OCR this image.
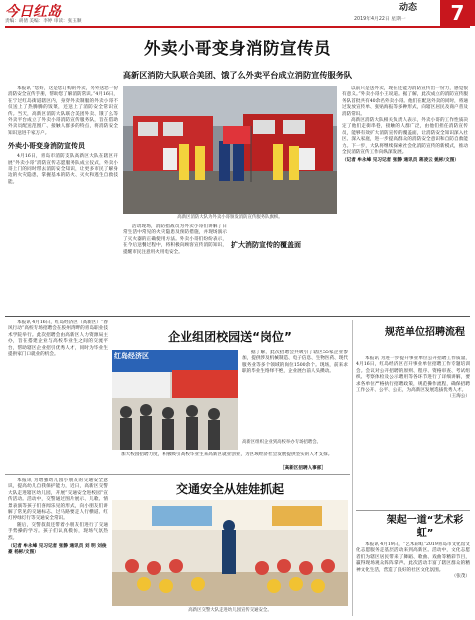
今日红岛
责编：胡倩 美编：李婷 审读：张玉顺
动态
2019年4月22日 星期一	7
外卖小哥变身消防宣传员
高新区消防大队联合美团、饿了么外卖平台成立消防宣传服务队

本报讯 “您好，这是您订购的外卖，另外送您一份消防安全宣传手册，帮助您了解消防常识。”4月16日，在宁过红岛街道辖区内，身穿外卖制服的外卖小哥不仅送上了热腾腾的饭菜，还送上了消防安全常识宣传。当天，高新区消防大队联合美团外卖、饿了么等外卖平台成立了外卖小哥消防宣传服务队，旨在借助外卖员配送范围广、接触人群多的特点，将消防安全知识送进千家万户。

外卖小哥变身消防宣传员

4月16日，青岛市消防支队高新区大队在辖区开展“外卖小哥”消防宣传志愿服务队成立仪式，外卖小哥上门的同时带去消防安全知识，让更多市民了解身边的火灾隐患，掌握基本的防火、灭火和逃生自救技能。

高新区消防大队为外卖小哥颁发消防宣传服务队旗帜。

活动现场，消防指战员为外卖小哥们讲解了日常生活中常见的火灾隐患及预防措施，并现场演示了灭火器的正确使用方法。外卖小哥们纷纷表示，在今后送餐过程中，将积极向顾客宣传消防知识，提醒市民注意用火用电安全。

扩大消防宣传的覆盖面

以前只是送外卖，现在还能为消防宣传出一份力，感觉很有意义。”外卖小哥小王说道。据了解，此次成立的消防宣传服务队首批共有40余名外卖小哥。他们在配送外卖的同时，将通过发放宣传单、张贴海报等多种形式，向辖区居民及商户普及消防常识。

高新区消防大队相关负责人表示，外卖小哥的工作性质决定了他们走街串巷，接触的人群广泛，由他们担任消防宣传员，能够有效扩大消防宣传的覆盖面，让消防安全知识深入社区、深入家庭，进一步提高群众的消防安全意识和自防自救能力。下一步，大队将继续探索社会化消防宣传的新模式，推动全民消防宣传工作向纵深发展。

（记者 牟永峰 见习记者 张静 通讯员 蒋凌云 姚彬/文图）

本报讯 4月16日，红岛经济区（高新区）“春风行动”高校专场招聘会在胶州湾畔的青岛职业技术学院举行。此次招聘会由高新区人力资源局主办，旨在搭建企业与高校毕业生之间的交流平台，帮助辖区企业招引优秀人才，同时为毕业生提供家门口就业的机会。

企业组团校园送“岗位”
红岛经济区
高新区组织企业到高校举办专场招聘会。

据了解，此次招聘会共吸引了辖区55家企业参加，提供涉及机械制造、电子信息、生物医药、现代服务业等多个领域的岗位1500余个。现场，前来求职的毕业生络绎不绝，企业展台前人头攒动。

加大校园招聘力度，积极吸引高校毕业生来高新区就业创业，为区域经济社会发展提供坚实的人才支撑。

［高新区招聘人事部］

本报讯 为增强幼儿园小朋友的交通安全意识，提高幼儿自我保护能力，近日，高新区交警大队走进辖区幼儿园，开展“交通安全进校园”宣传活动。活动中，交警通过图片展示、儿歌、情景表演等孩子们喜闻乐见的形式，向小朋友们讲解了常见的交通标志、过马路要走人行横道、红灯停绿灯行等交通安全常识。

随后，交警叔叔还带着小朋友们进行了交通手势操的学习。孩子们认真模仿，现场气氛热烈。

（记者 牟永峰 见习记者 张静 通讯员 刘 明 刘俊豪 杨彬/文图）

交通安全从娃娃抓起
高新区交警大队走进幼儿园宣传交通安全。
规范单位招聘流程

本报讯 为进一步提升事业单位公开招聘工作质量，4月16日，红岛经济区召开事业单位招聘工作专题培训会。会议对公开招聘的原则、程序、资格审查、考试组织、考察体检及公示聘用等各环节进行了详细讲解，要求各单位严格执行招聘政策，规范操作流程，确保招聘工作公开、公平、公正，为高新区发展选拔优秀人才。

（王海公）

架起一道“艺术彩虹”

本报讯 4月19日，“艺术彩虹”2019青岛市文化馆文化志愿服务走基层活动来到高新区。活动中，文化志愿者们为辖区居民带来了舞蹈、歌曲、戏曲等精彩节目，赢得现场观众阵阵掌声。此次活动丰富了辖区群众的精神文化生活，营造了良好的社区文化氛围。

（张茂）
